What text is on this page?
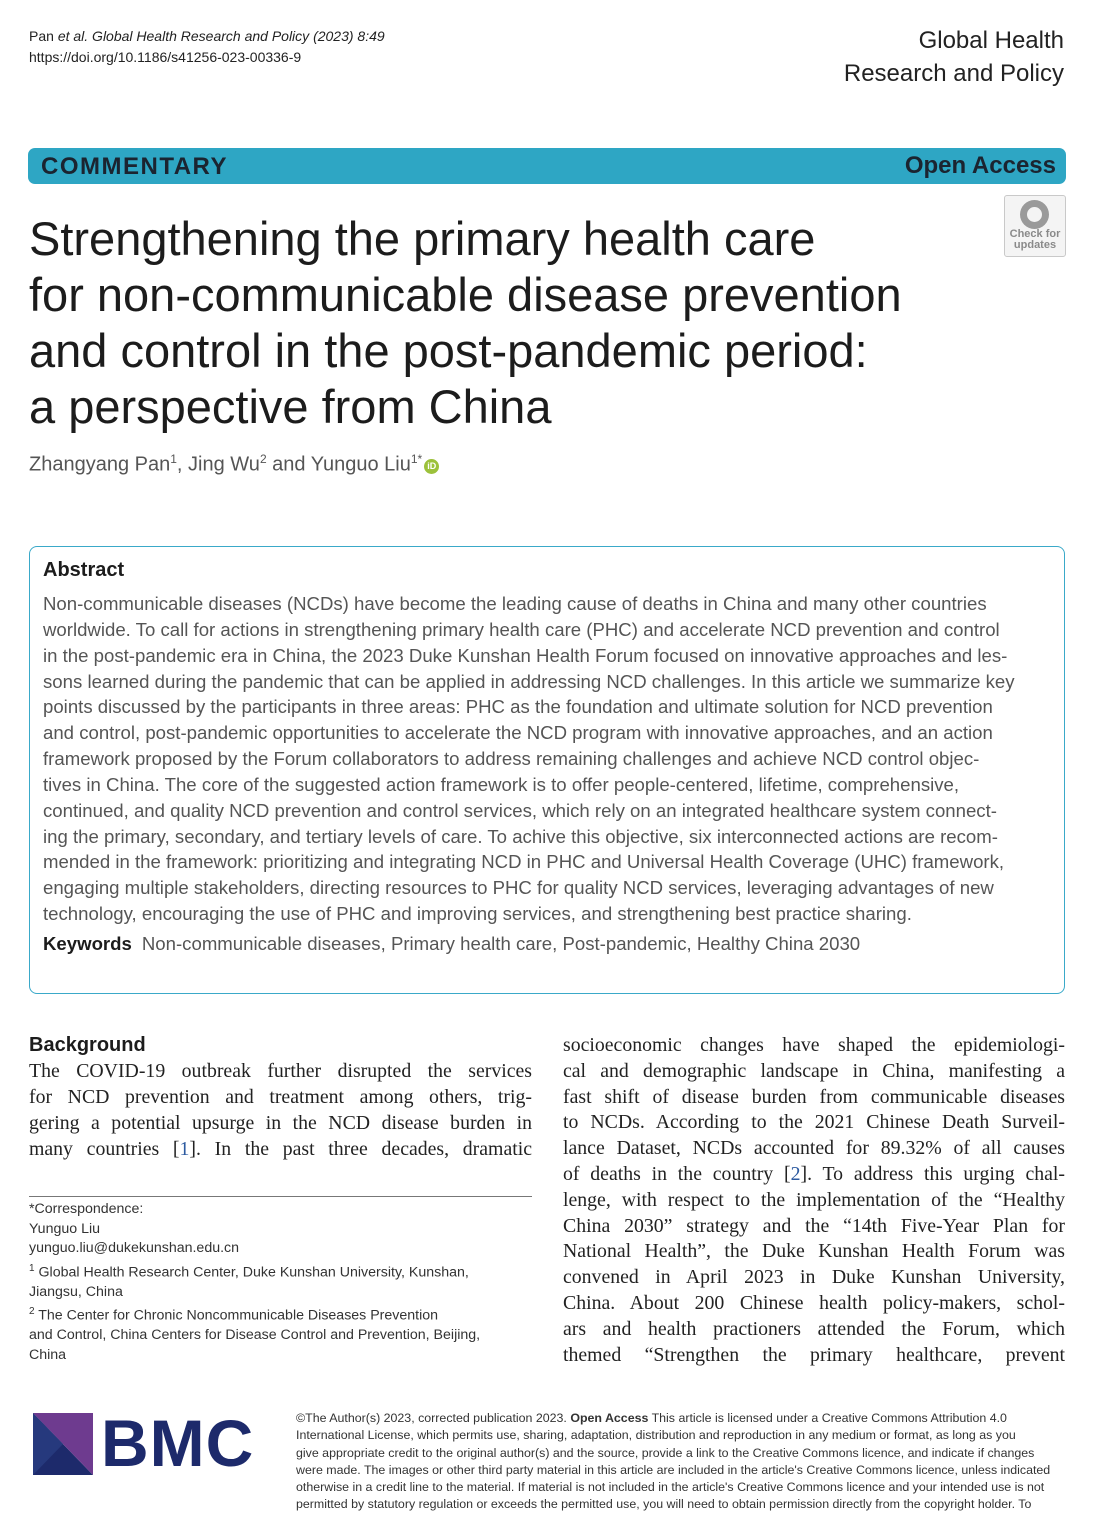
Pan et al. Global Health Research and Policy (2023) 8:49
https://doi.org/10.1186/s41256-023-00336-9
Global Health
Research and Policy
COMMENTARY	Open Access
Check for
updates
Strengthening the primary health care
for non-communicable disease prevention
and control in the post-pandemic period:
a perspective from China
Zhangyang Pan$^1$, Jing Wu$^2$ and Yunguo Liu$^{1*}$ iD
Abstract
Non-communicable diseases (NCDs) have become the leading cause of deaths in China and many other countries
worldwide. To call for actions in strengthening primary health care (PHC) and accelerate NCD prevention and control
in the post-pandemic era in China, the 2023 Duke Kunshan Health Forum focused on innovative approaches and les-
sons learned during the pandemic that can be applied in addressing NCD challenges. In this article we summarize key
points discussed by the participants in three areas: PHC as the foundation and ultimate solution for NCD prevention
and control, post-pandemic opportunities to accelerate the NCD program with innovative approaches, and an action
framework proposed by the Forum collaborators to address remaining challenges and achieve NCD control objec-
tives in China. The core of the suggested action framework is to offer people-centered, lifetime, comprehensive,
continued, and quality NCD prevention and control services, which rely on an integrated healthcare system connect-
ing the primary, secondary, and tertiary levels of care. To achive this objective, six interconnected actions are recom-
mended in the framework: prioritizing and integrating NCD in PHC and Universal Health Coverage (UHC) framework,
engaging multiple stakeholders, directing resources to PHC for quality NCD services, leveraging advantages of new
technology, encouraging the use of PHC and improving services, and strengthening best practice sharing.
Keywords Non-communicable diseases, Primary health care, Post-pandemic, Healthy China 2030
Background
The COVID-19 outbreak further disrupted the services
for NCD prevention and treatment among others, trig-
gering a potential upsurge in the NCD disease burden in
many countries [1]. In the past three decades, dramatic
socioeconomic changes have shaped the epidemiologi-
cal and demographic landscape in China, manifesting a
fast shift of disease burden from communicable diseases
to NCDs. According to the 2021 Chinese Death Surveil-
lance Dataset, NCDs accounted for 89.32% of all causes
of deaths in the country [2]. To address this urging chal-
lenge, with respect to the implementation of the “Healthy
China 2030” strategy and the “14th Five-Year Plan for
National Health”, the Duke Kunshan Health Forum was
convened in April 2023 in Duke Kunshan University,
China. About 200 Chinese health policy-makers, schol-
ars and health practioners attended the Forum, which
themed “Strengthen the primary healthcare, prevent
*Correspondence:
Yunguo Liu
yunguo.liu@dukekunshan.edu.cn
$^1$ Global Health Research Center, Duke Kunshan University, Kunshan,
Jiangsu, China
$^2$ The Center for Chronic Noncommunicable Diseases Prevention
and Control, China Centers for Disease Control and Prevention, Beijing,
China
BMC	©The Author(s) 2023, corrected publication 2023. Open Access This article is licensed under a Creative Commons Attribution 4.0
International License, which permits use, sharing, adaptation, distribution and reproduction in any medium or format, as long as you
give appropriate credit to the original author(s) and the source, provide a link to the Creative Commons licence, and indicate if changes
were made. The images or other third party material in this article are included in the article's Creative Commons licence, unless indicated
otherwise in a credit line to the material. If material is not included in the article's Creative Commons licence and your intended use is not
permitted by statutory regulation or exceeds the permitted use, you will need to obtain permission directly from the copyright holder. To
